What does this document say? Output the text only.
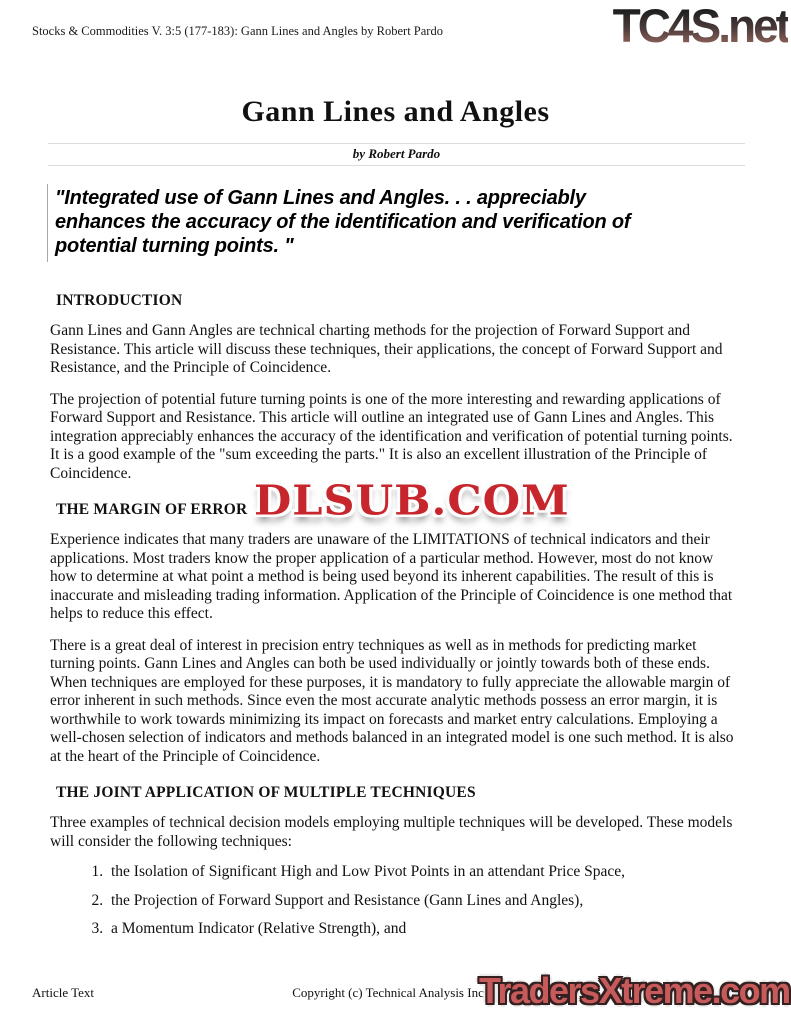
Stocks & Commodities V. 3:5 (177-183): Gann Lines and Angles by Robert Pardo	TC4S.net
Gann Lines and Angles
by Robert Pardo
"Integrated use of Gann Lines and Angles. . . appreciably enhances the accuracy of the identification and verification of potential turning points. "
INTRODUCTION

Gann Lines and Gann Angles are technical charting methods for the projection of Forward Support and Resistance. This article will discuss these techniques, their applications, the concept of Forward Support and Resistance, and the Principle of Coincidence.

The projection of potential future turning points is one of the more interesting and rewarding applications of Forward Support and Resistance. This article will outline an integrated use of Gann Lines and Angles. This integration appreciably enhances the accuracy of the identification and verification of potential turning points. It is a good example of the "sum exceeding the parts." It is also an excellent illustration of the Principle of Coincidence.

THE MARGIN OF ERROR

Experience indicates that many traders are unaware of the LIMITATIONS of technical indicators and their applications. Most traders know the proper application of a particular method. However, most do not know how to determine at what point a method is being used beyond its inherent capabilities. The result of this is inaccurate and misleading trading information. Application of the Principle of Coincidence is one method that helps to reduce this effect.

There is a great deal of interest in precision entry techniques as well as in methods for predicting market turning points. Gann Lines and Angles can both be used individually or jointly towards both of these ends. When techniques are employed for these purposes, it is mandatory to fully appreciate the allowable margin of error inherent in such methods. Since even the most accurate analytic methods possess an error margin, it is worthwhile to work towards minimizing its impact on forecasts and market entry calculations. Employing a well-chosen selection of indicators and methods balanced in an integrated model is one such method. It is also at the heart of the Principle of Coincidence.

THE JOINT APPLICATION OF MULTIPLE TECHNIQUES

Three examples of technical decision models employing multiple techniques will be developed. These models will consider the following techniques:

1. the Isolation of Significant High and Low Pivot Points in an attendant Price Space,
2. the Projection of Forward Support and Resistance (Gann Lines and Angles),
3. a Momentum Indicator (Relative Strength), and
DLSUB.COM
Article Text	Copyright (c) Technical Analysis Inc.
TradersXtreme.com
